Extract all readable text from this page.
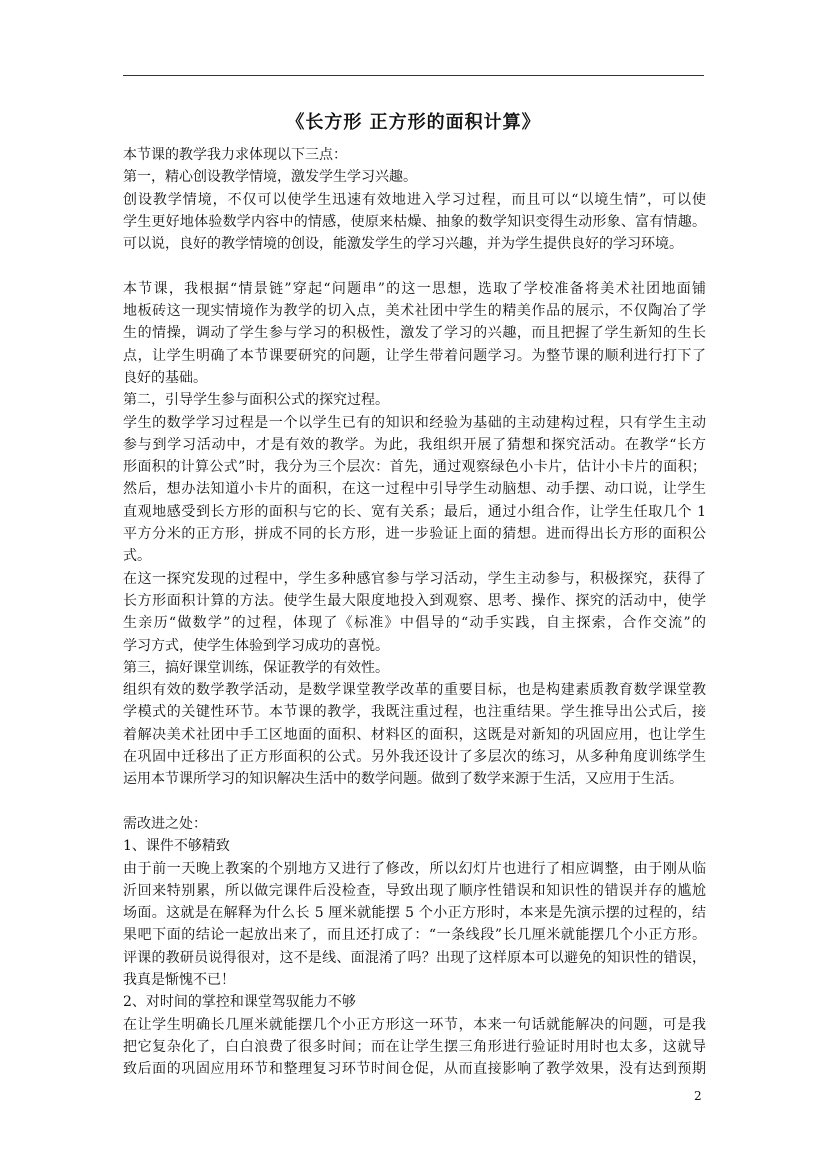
《长方形 正方形的面积计算》
本节课的教学我力求体现以下三点：
第一，精心创设教学情境，激发学生学习兴趣。
创设教学情境，不仅可以使学生迅速有效地进入学习过程，而且可以“以境生情”，可以使
学生更好地体验数学内容中的情感，使原来枯燥、抽象的数学知识变得生动形象、富有情趣。
可以说，良好的教学情境的创设，能激发学生的学习兴趣，并为学生提供良好的学习环境。
本节课，我根据“情景链”穿起“问题串”的这一思想，选取了学校准备将美术社团地面铺
地板砖这一现实情境作为教学的切入点，美术社团中学生的精美作品的展示，不仅陶冶了学
生的情操，调动了学生参与学习的积极性，激发了学习的兴趣，而且把握了学生新知的生长
点，让学生明确了本节课要研究的问题，让学生带着问题学习。为整节课的顺利进行打下了
良好的基础。
第二，引导学生参与面积公式的探究过程。
学生的数学学习过程是一个以学生已有的知识和经验为基础的主动建构过程，只有学生主动
参与到学习活动中，才是有效的教学。为此，我组织开展了猜想和探究活动。在教学“长方
形面积的计算公式”时，我分为三个层次：首先，通过观察绿色小卡片，估计小卡片的面积；
然后，想办法知道小卡片的面积，在这一过程中引导学生动脑想、动手摆、动口说，让学生
直观地感受到长方形的面积与它的长、宽有关系；最后，通过小组合作，让学生任取几个 1
平方分米的正方形，拼成不同的长方形，进一步验证上面的猜想。进而得出长方形的面积公
式。
在这一探究发现的过程中，学生多种感官参与学习活动，学生主动参与，积极探究，获得了
长方形面积计算的方法。使学生最大限度地投入到观察、思考、操作、探究的活动中，使学
生亲历“做数学”的过程，体现了《标准》中倡导的“动手实践，自主探索，合作交流”的
学习方式，使学生体验到学习成功的喜悦。
第三，搞好课堂训练，保证教学的有效性。
组织有效的数学教学活动，是数学课堂教学改革的重要目标，也是构建素质教育数学课堂教
学模式的关键性环节。本节课的教学，我既注重过程，也注重结果。学生推导出公式后，接
着解决美术社团中手工区地面的面积、材料区的面积，这既是对新知的巩固应用，也让学生
在巩固中迁移出了正方形面积的公式。另外我还设计了多层次的练习，从多种角度训练学生
运用本节课所学习的知识解决生活中的数学问题。做到了数学来源于生活，又应用于生活。
需改进之处：
1、课件不够精致
由于前一天晚上教案的个别地方又进行了修改，所以幻灯片也进行了相应调整，由于刚从临
沂回来特别累，所以做完课件后没检查，导致出现了顺序性错误和知识性的错误并存的尴尬
场面。这就是在解释为什么长 5 厘米就能摆 5 个小正方形时，本来是先演示摆的过程的，结
果吧下面的结论一起放出来了，而且还打成了：“一条线段”长几厘米就能摆几个小正方形。
评课的教研员说得很对，这不是线、面混淆了吗？出现了这样原本可以避免的知识性的错误，
我真是惭愧不已！
2、对时间的掌控和课堂驾驭能力不够
在让学生明确长几厘米就能摆几个小正方形这一环节，本来一句话就能解决的问题，可是我
把它复杂化了，白白浪费了很多时间；而在让学生摆三角形进行验证时用时也太多，这就导
致后面的巩固应用环节和整理复习环节时间仓促，从而直接影响了教学效果，没有达到预期
2
